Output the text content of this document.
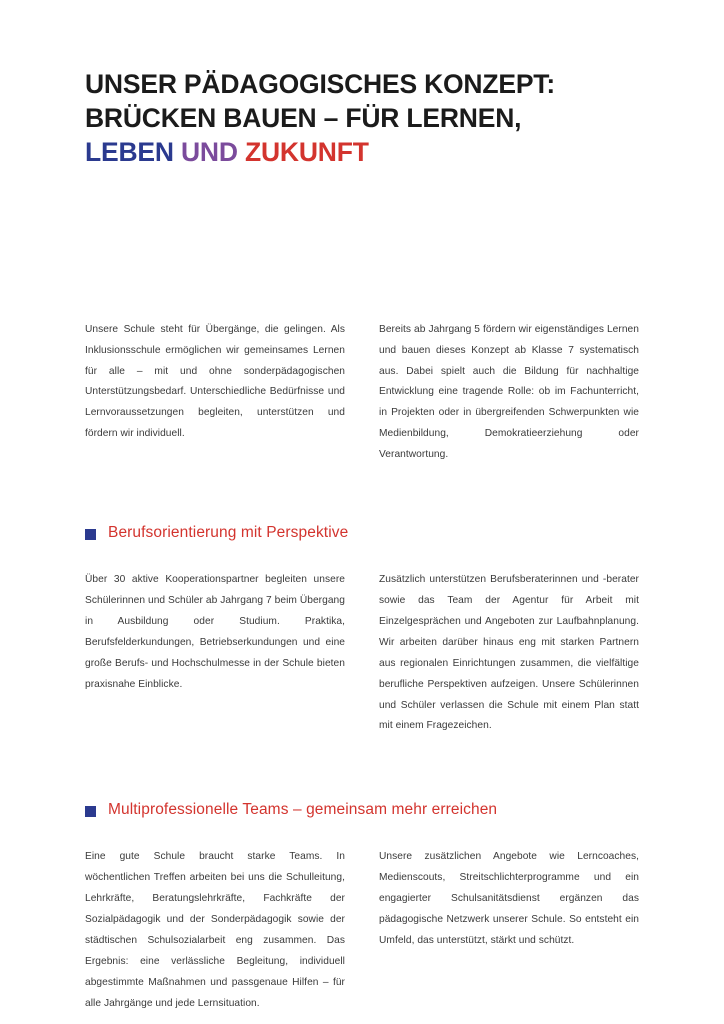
UNSER PÄDAGOGISCHES KONZEPT:
BRÜCKEN BAUEN – FÜR LERNEN,
LEBEN UND ZUKUNFT

Unsere Schule steht für Übergänge, die gelingen. Als Inklusionsschule ermöglichen wir gemeinsames Lernen für alle – mit und ohne sonderpädagogischen Unterstützungsbedarf. Unterschiedliche Bedürfnisse und Lernvoraussetzungen begleiten, unterstützen und fördern wir individuell.

Bereits ab Jahrgang 5 fördern wir eigenständiges Lernen und bauen dieses Konzept ab Klasse 7 systematisch aus. Dabei spielt auch die Bildung für nachhaltige Entwicklung eine tragende Rolle: ob im Fachunterricht, in Projekten oder in übergreifenden Schwerpunkten wie Medienbildung, Demokratieerziehung oder Verantwortung.

Berufsorientierung mit Perspektive

Über 30 aktive Kooperationspartner begleiten unsere Schülerinnen und Schüler ab Jahrgang 7 beim Übergang in Ausbildung oder Studium. Praktika, Berufsfelderkundungen, Betriebserkundungen und eine große Berufs- und Hochschulmesse in der Schule bieten praxisnahe Einblicke.

Zusätzlich unterstützen Berufsberaterinnen und -berater sowie das Team der Agentur für Arbeit mit Einzelgesprächen und Angeboten zur Laufbahnplanung. Wir arbeiten darüber hinaus eng mit starken Partnern aus regionalen Einrichtungen zusammen, die vielfältige berufliche Perspektiven aufzeigen. Unsere Schülerinnen und Schüler verlassen die Schule mit einem Plan statt mit einem Fragezeichen.

Multiprofessionelle Teams – gemeinsam mehr erreichen

Eine gute Schule braucht starke Teams. In wöchentlichen Treffen arbeiten bei uns die Schulleitung, Lehrkräfte, Beratungslehrkräfte, Fachkräfte der Sozialpädagogik und der Sonderpädagogik sowie der städtischen Schulsozialarbeit eng zusammen. Das Ergebnis: eine verlässliche Begleitung, individuell abgestimmte Maßnahmen und passgenaue Hilfen – für alle Jahrgänge und jede Lernsituation.

Unsere zusätzlichen Angebote wie Lerncoaches, Medienscouts, Streitschlichterprogramme und ein engagierter Schulsanitätsdienst ergänzen das pädagogische Netzwerk unserer Schule. So entsteht ein Umfeld, das unterstützt, stärkt und schützt.
